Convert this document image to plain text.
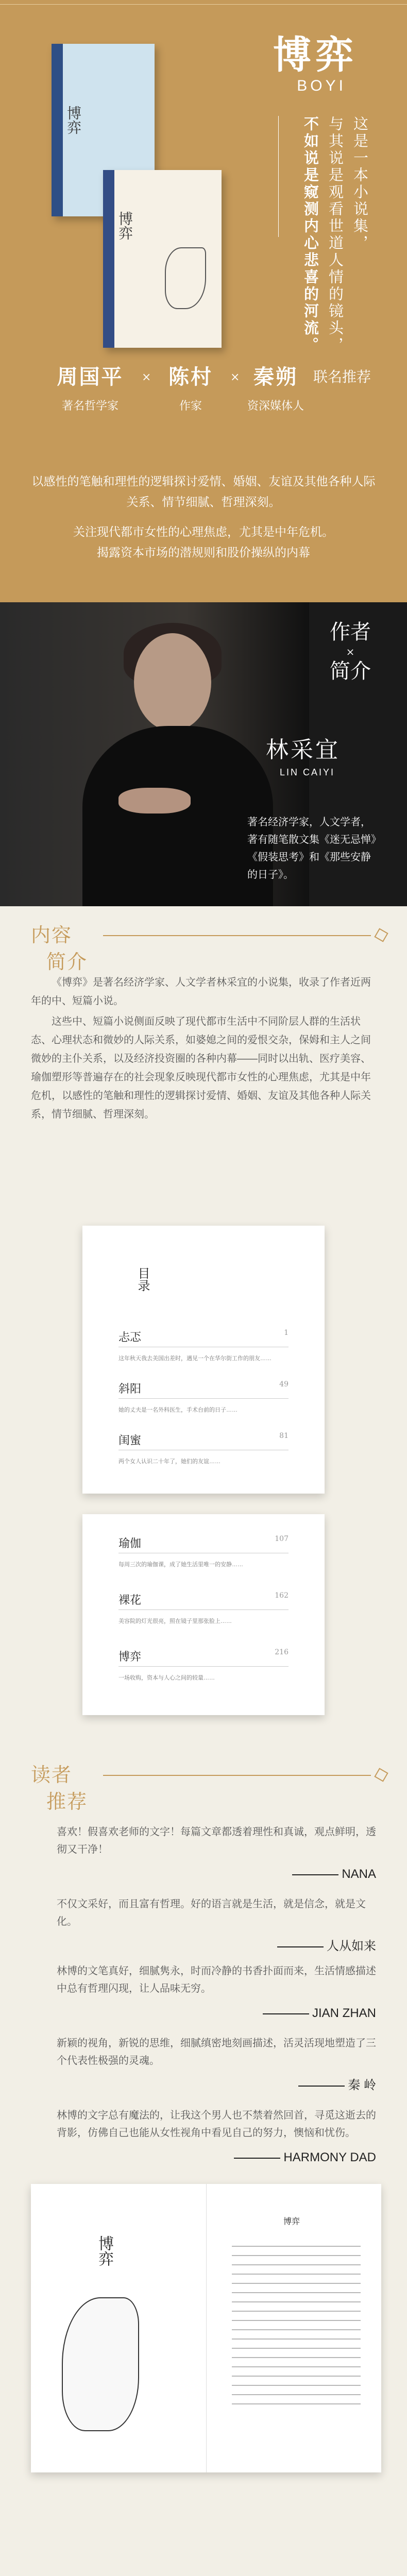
博弈
博弈
博弈
BOYI
这是一本小说集，
与其说是观看世道人情的镜头，
不如说是窥测内心悲喜的河流。
周国平
著名哲学家
× 陈村
作家
× 秦朔
资深媒体人
联名推荐
以感性的笔触和理性的逻辑探讨爱情、婚姻、友谊及其他各种人际关系、情节细腻、哲理深刻。
关注现代都市女性的心理焦虑，尤其是中年危机。
揭露资本市场的潜规则和股价操纵的内幕
作者
×
简介
林采宜
LIN CAIYI
著名经济学家，人文学者，著有随笔散文集《迷无忌惮》《假装思考》和《那些安静的日子》。
内容
简介

《博弈》是著名经济学家、人文学者林采宜的小说集，收录了作者近两年的中、短篇小说。

这些中、短篇小说侧面反映了现代都市生活中不同阶层人群的生活状态、心理状态和微妙的人际关系，如婆媳之间的爱恨交杂，保姆和主人之间微妙的主仆关系，以及经济投资圈的各种内幕——同时以出轨、医疗美容、瑜伽塑形等普遍存在的社会现象反映现代都市女性的心理焦虑，尤其是中年危机，以感性的笔触和理性的逻辑探讨爱情、婚姻、友谊及其他各种人际关系，情节细腻、哲理深刻。

目录
忐忑	1
这年秋天我去美国出差时，遇见一个在华尔街工作的朋友……
斜阳	49
她的丈夫是一名外科医生，手术台前的日子……
闺蜜	81
两个女人认识二十年了，她们的友谊……
瑜伽	107
每周三次的瑜伽课，成了她生活里唯一的安静……
裸花	162
美容院的灯光很亮，照在镜子里那张脸上……
博弈	216
一场收购，资本与人心之间的较量……
读者
推荐
喜欢！假喜欢老师的文字！每篇文章都透着理性和真诚，观点鲜明，透彻又干净！
NANA
不仅文采好，而且富有哲理。好的语言就是生活，就是信念，就是文化。
人从如来
林博的文笔真好，细腻隽永，时而冷静的书香扑面而来，生活情感描述中总有哲理闪现，让人品味无穷。
JIAN ZHAN
新颖的视角，新锐的思维，细腻缜密地刻画描述，活灵活现地塑造了三个代表性极强的灵魂。
秦 岭
林博的文字总有魔法的，让我这个男人也不禁着然回首，寻觅这逝去的背影，仿佛自己也能从女性视角中看见自己的努力，懊恼和忧伤。
HARMONY DAD
博弈
博弈
